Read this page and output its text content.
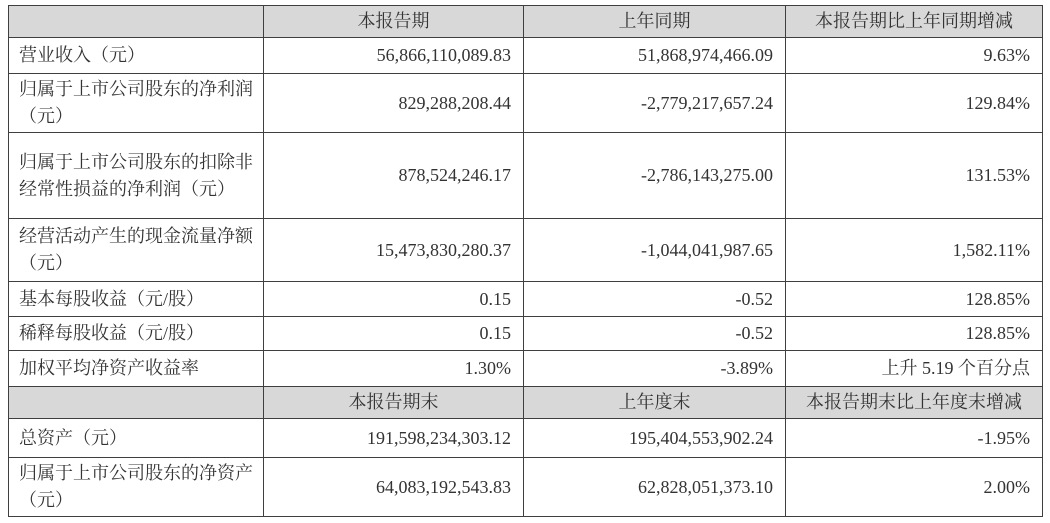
	本报告期	上年同期	本报告期比上年同期增减
营业收入（元）	56,866,110,089.83	51,868,974,466.09	9.63%
归属于上市公司股东的净利润（元）	829,288,208.44	-2,779,217,657.24	129.84%
归属于上市公司股东的扣除非经常性损益的净利润（元）	878,524,246.17	-2,786,143,275.00	131.53%
经营活动产生的现金流量净额（元）	15,473,830,280.37	-1,044,041,987.65	1,582.11%
基本每股收益（元/股）	0.15	-0.52	128.85%
稀释每股收益（元/股）	0.15	-0.52	128.85%
加权平均净资产收益率	1.30%	-3.89%	上升 5.19 个百分点
	本报告期末	上年度末	本报告期末比上年度末增减
总资产（元）	191,598,234,303.12	195,404,553,902.24	-1.95%
归属于上市公司股东的净资产（元）	64,083,192,543.83	62,828,051,373.10	2.00%
